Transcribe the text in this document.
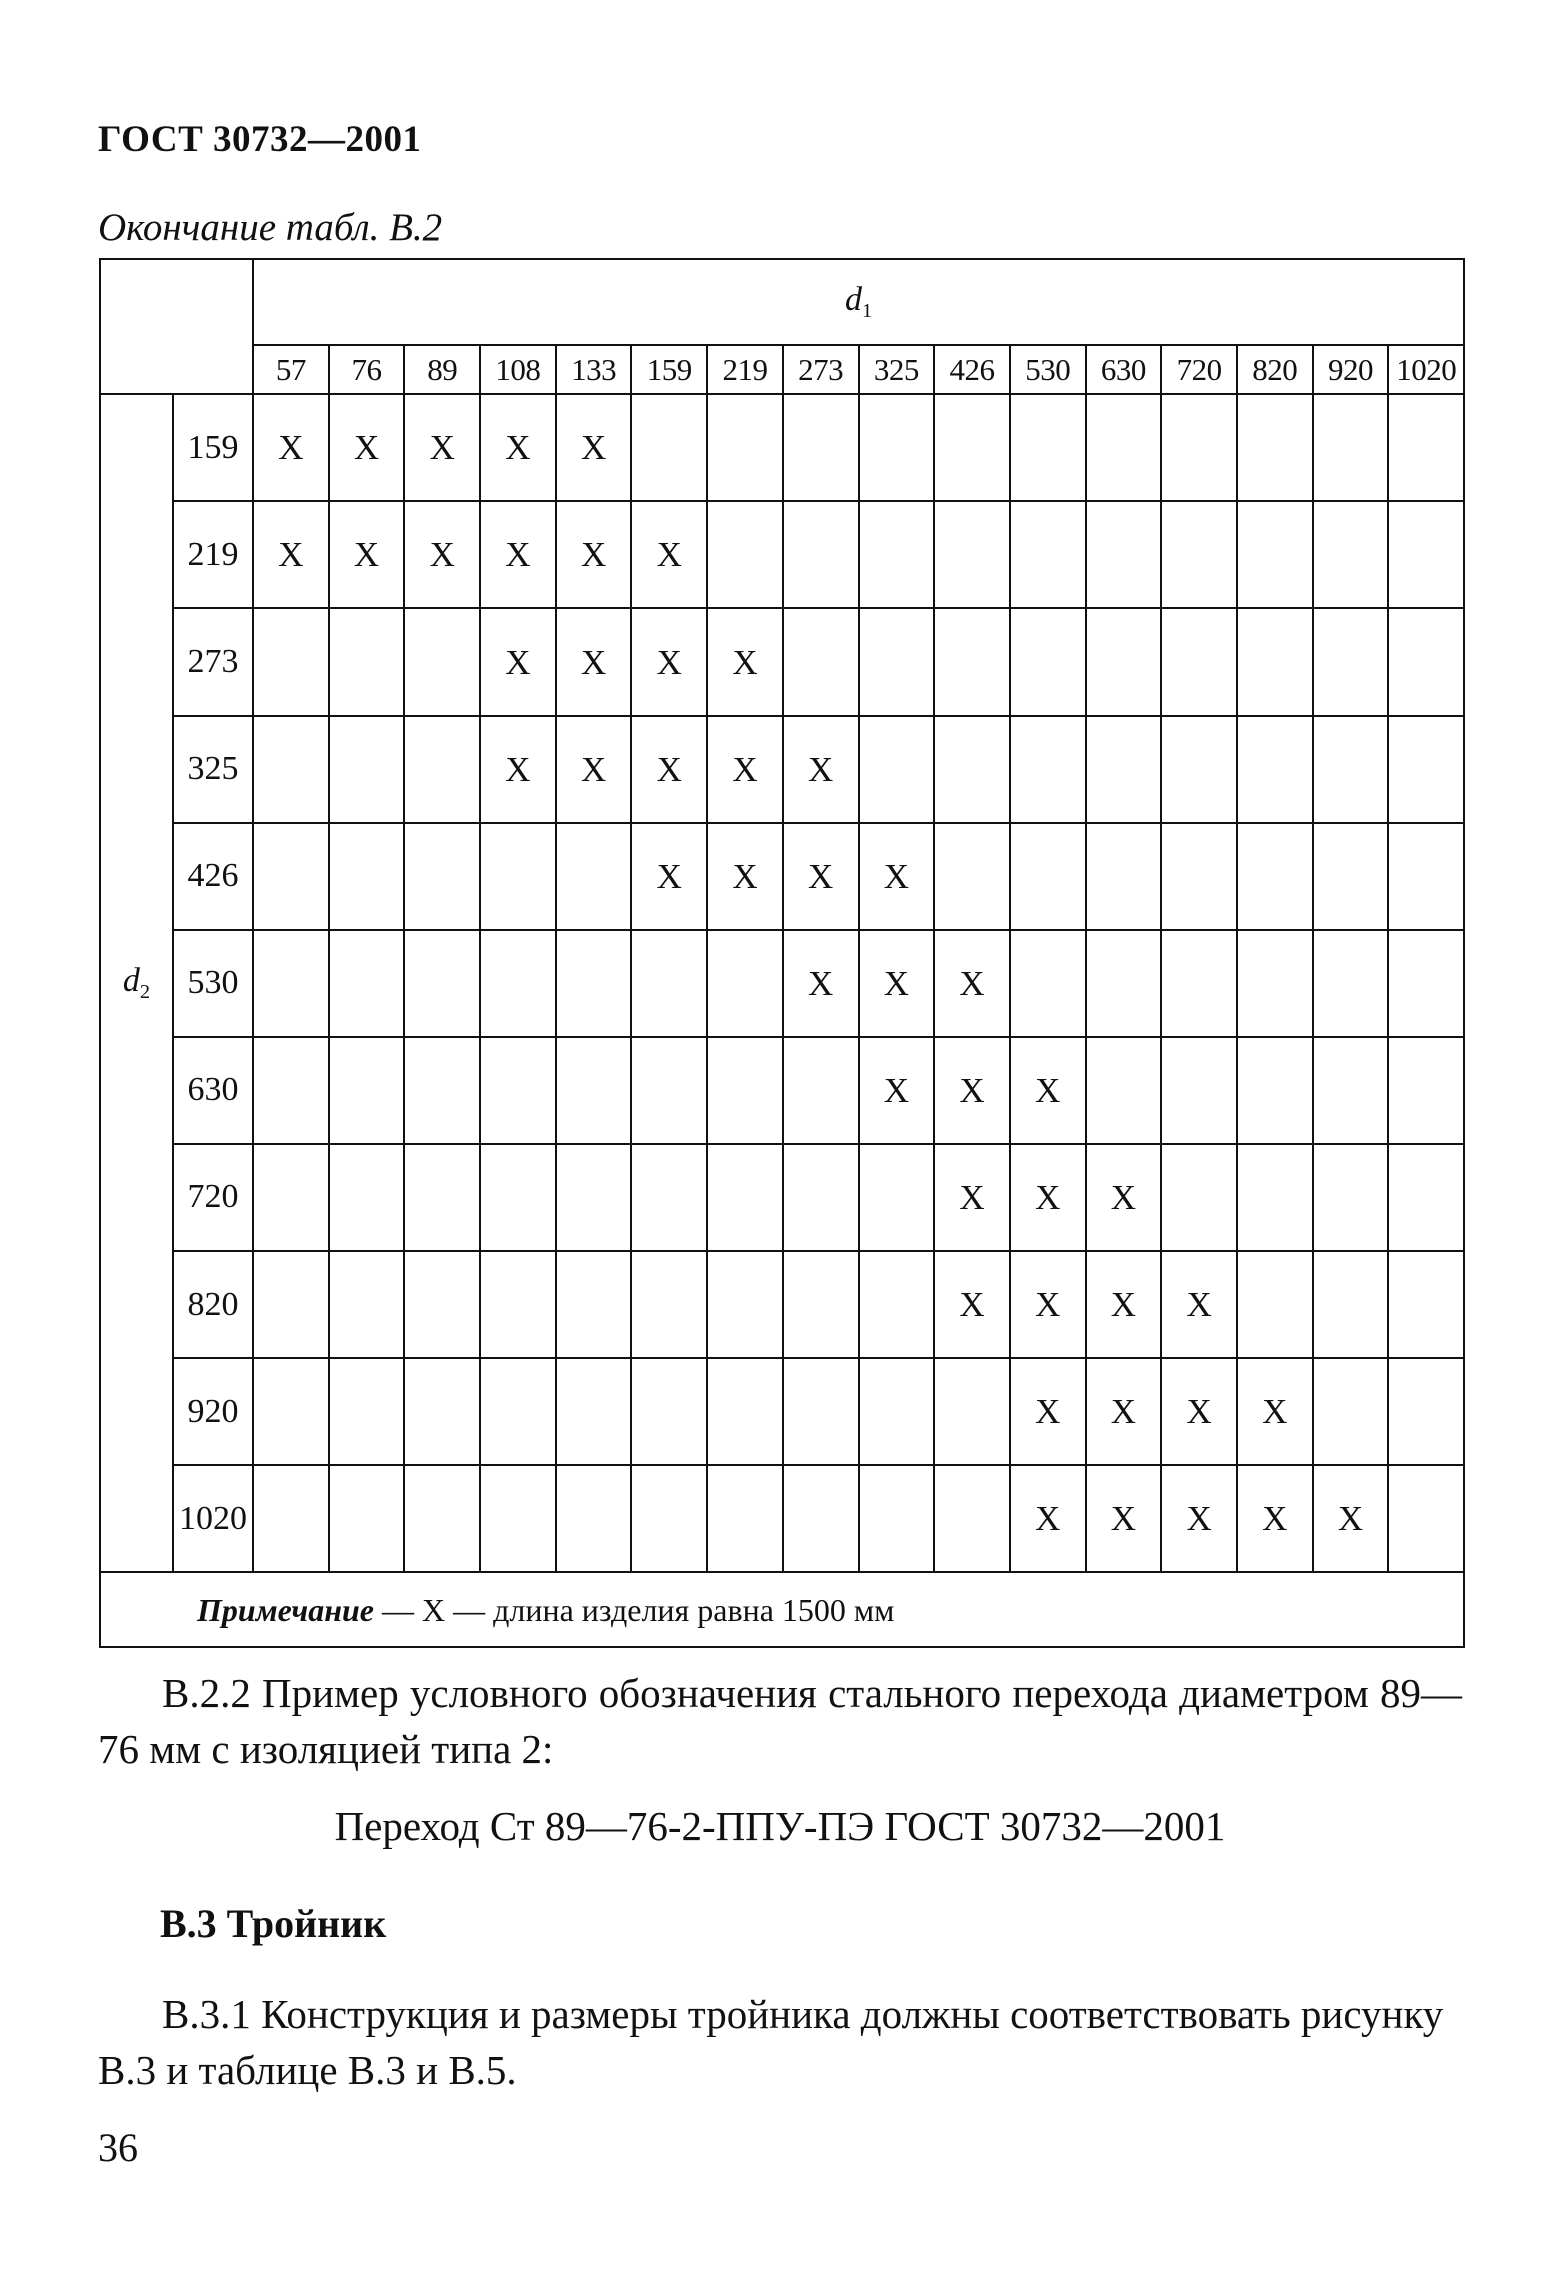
ГОСТ 30732—2001
Окончание табл. В.2
		$d_1$
		57	76	89	108	133	159	219	273	325	426	530	630	720	820	920	1020
$d_2$	159	X	X	X	X	X											
	219	X	X	X	X	X	X										
	273				X	X	X	X									
	325				X	X	X	X	X								
	426						X	X	X	X							
	530								X	X	X						
	630									X	X	X					
	720										X	X	X				
	820										X	X	X	X			
	920											X	X	X	X		
	1020											X	X	X	X	X	
Примечание — X — длина изделия равна 1500 мм																	
В.2.2 Пример условного обозначения стального перехода диаметром 89—76 мм с изоляцией типа 2:
Переход Ст 89—76-2-ППУ-ПЭ ГОСТ 30732—2001
В.3 Тройник
В.3.1 Конструкция и размеры тройника должны соответствовать рисунку В.3 и таблице В.3 и В.5.
36
